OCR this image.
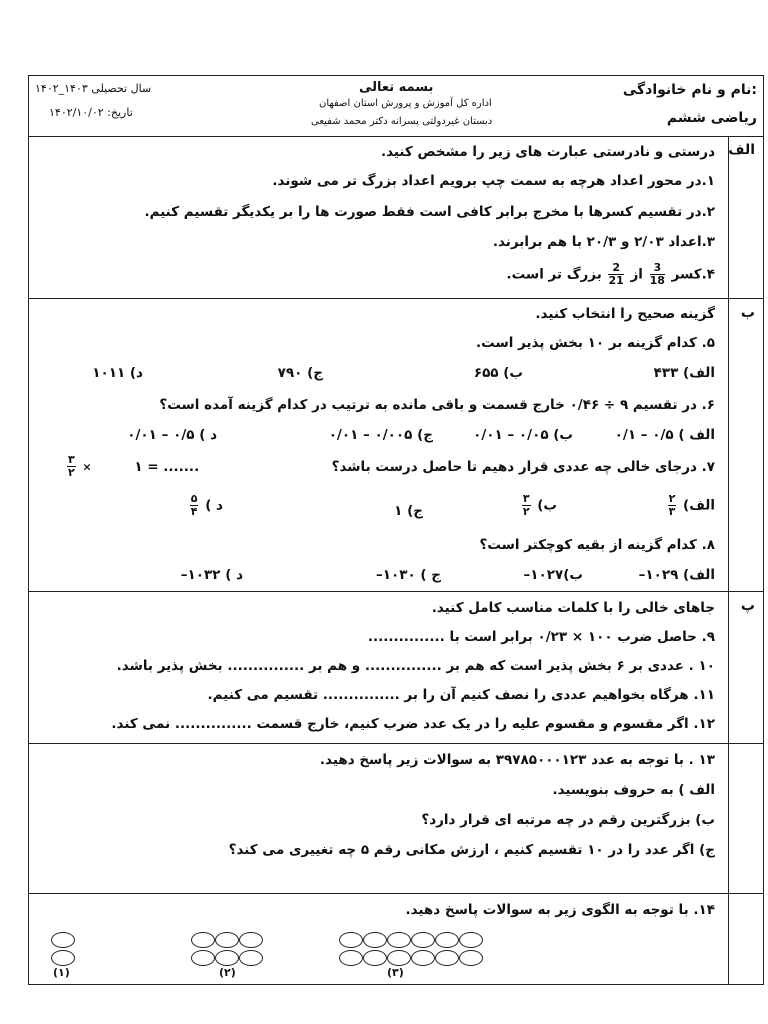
نام و نام خانوادگی:
ریاضی ششم
بسمه تعالی
اداره کل آموزش و پرورش استان اصفهان
دبستان غیردولتی پسرانه دکتر محمد شفیعی
سال تحصیلی ۱۴۰۳_۱۴۰۲
تاریخ: ۱۴۰۲/۱۰/۰۲
الف
درستی و نادرستی عبارت های زیر را مشخص کنید.
۱.در محور اعداد هرچه به سمت چپ برویم اعداد بزرگ تر می شوند.
۲.در تقسیم کسرها با مخرج برابر کافی است فقط صورت ها را بر یکدیگر تقسیم کنیم.
۳.اعداد ۲/۰۳ و ۲۰/۳ با هم برابرند.
۴.کسر
$\frac{3}{18}$
از
$\frac{2}{21}$
بزرگ تر است.
ب
گزینه صحیح را انتخاب کنید.
۵. کدام گزینه بر ۱۰ بخش پذیر است.
الف) ۴۳۳
ب) ۶۵۵
ج) ۷۹۰
د) ۱۰۱۱
۶. در تقسیم ۹ ÷ ۰/۴۶ خارج قسمت و باقی مانده به ترتیب در کدام گزینه آمده است؟
الف ) ۰/۵ – ۰/۱
ب) ۰/۰۵ – ۰/۰۱
ج) ۰/۰۰۵ – ۰/۰۱
د ) ۰/۵ – ۰/۰۱
۷. درجای خالی چه عددی قرار دهیم تا حاصل درست باشد؟
$\frac{۳}{۲}$ ×	۱ = .......
الف)
$\frac{۲}{۳}$
ب)
$\frac{۳}{۲}$
ج) ۱
د )
$\frac{۵}{۴}$
۸. کدام گزینه از بقیه کوچکتر است؟
الف) ۱۰۲۹–
ب)۱۰۲۷–
ج ) ۱۰۳۰–
د ) ۱۰۳۲–
پ
جاهای خالی را با کلمات مناسب کامل کنید.
۹. حاصل ضرب ۱۰۰ × ۰/۲۳ برابر است با ...............
۱۰ . عددی بر ۶ بخش پذیر است که هم بر ............... و هم بر ............... بخش پذیر باشد.
۱۱. هرگاه بخواهیم عددی را نصف کنیم آن را بر ............... تقسیم می کنیم.
۱۲. اگر مقسوم و مقسوم علیه را در یک عدد ضرب کنیم، خارج قسمت ............... نمی کند.
۱۳ . با توجه به عدد ۳۹۷۸۵۰۰۰۱۲۳ به سوالات زیر پاسخ دهید.
الف ) به حروف بنویسید.
ب) بزرگترین رقم در چه مرتبه ای قرار دارد؟
ج) اگر عدد را در ۱۰ تقسیم کنیم ، ارزش مکانی رقم ۵ چه تغییری می کند؟
۱۴. با توجه به الگوی زیر به سوالات پاسخ دهید.
(۱)	(۲)	(۳)
